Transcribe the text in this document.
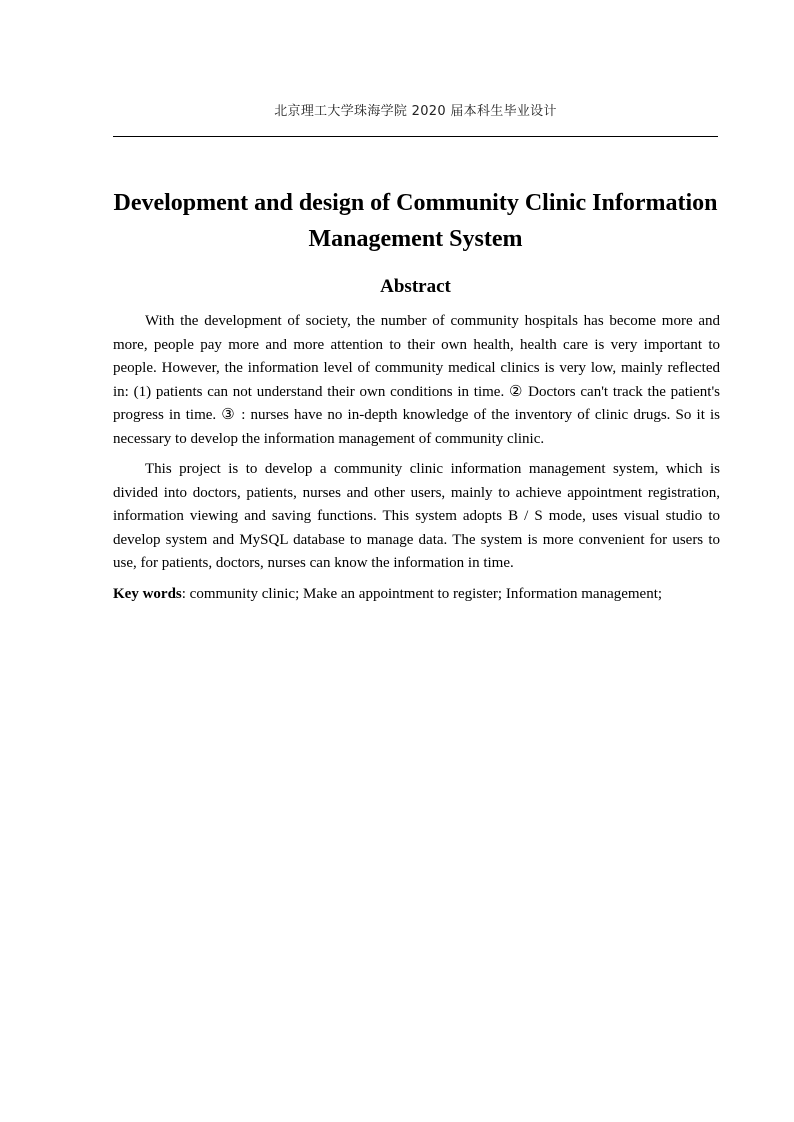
北京理工大学珠海学院 2020 届本科生毕业设计
Development and design of Community Clinic Information Management System
Abstract

With the development of society, the number of community hospitals has become more and more, people pay more and more attention to their own health, health care is very important to people. However, the information level of community medical clinics is very low, mainly reflected in: (1) patients can not understand their own conditions in time. ② Doctors can't track the patient's progress in time. ③ : nurses have no in-depth knowledge of the inventory of clinic drugs. So it is necessary to develop the information management of community clinic.

This project is to develop a community clinic information management system, which is divided into doctors, patients, nurses and other users, mainly to achieve appointment registration, information viewing and saving functions. This system adopts B / S mode, uses visual studio to develop system and MySQL database to manage data. The system is more convenient for users to use, for patients, doctors, nurses can know the information in time.

Key words: community clinic; Make an appointment to register; Information management;
